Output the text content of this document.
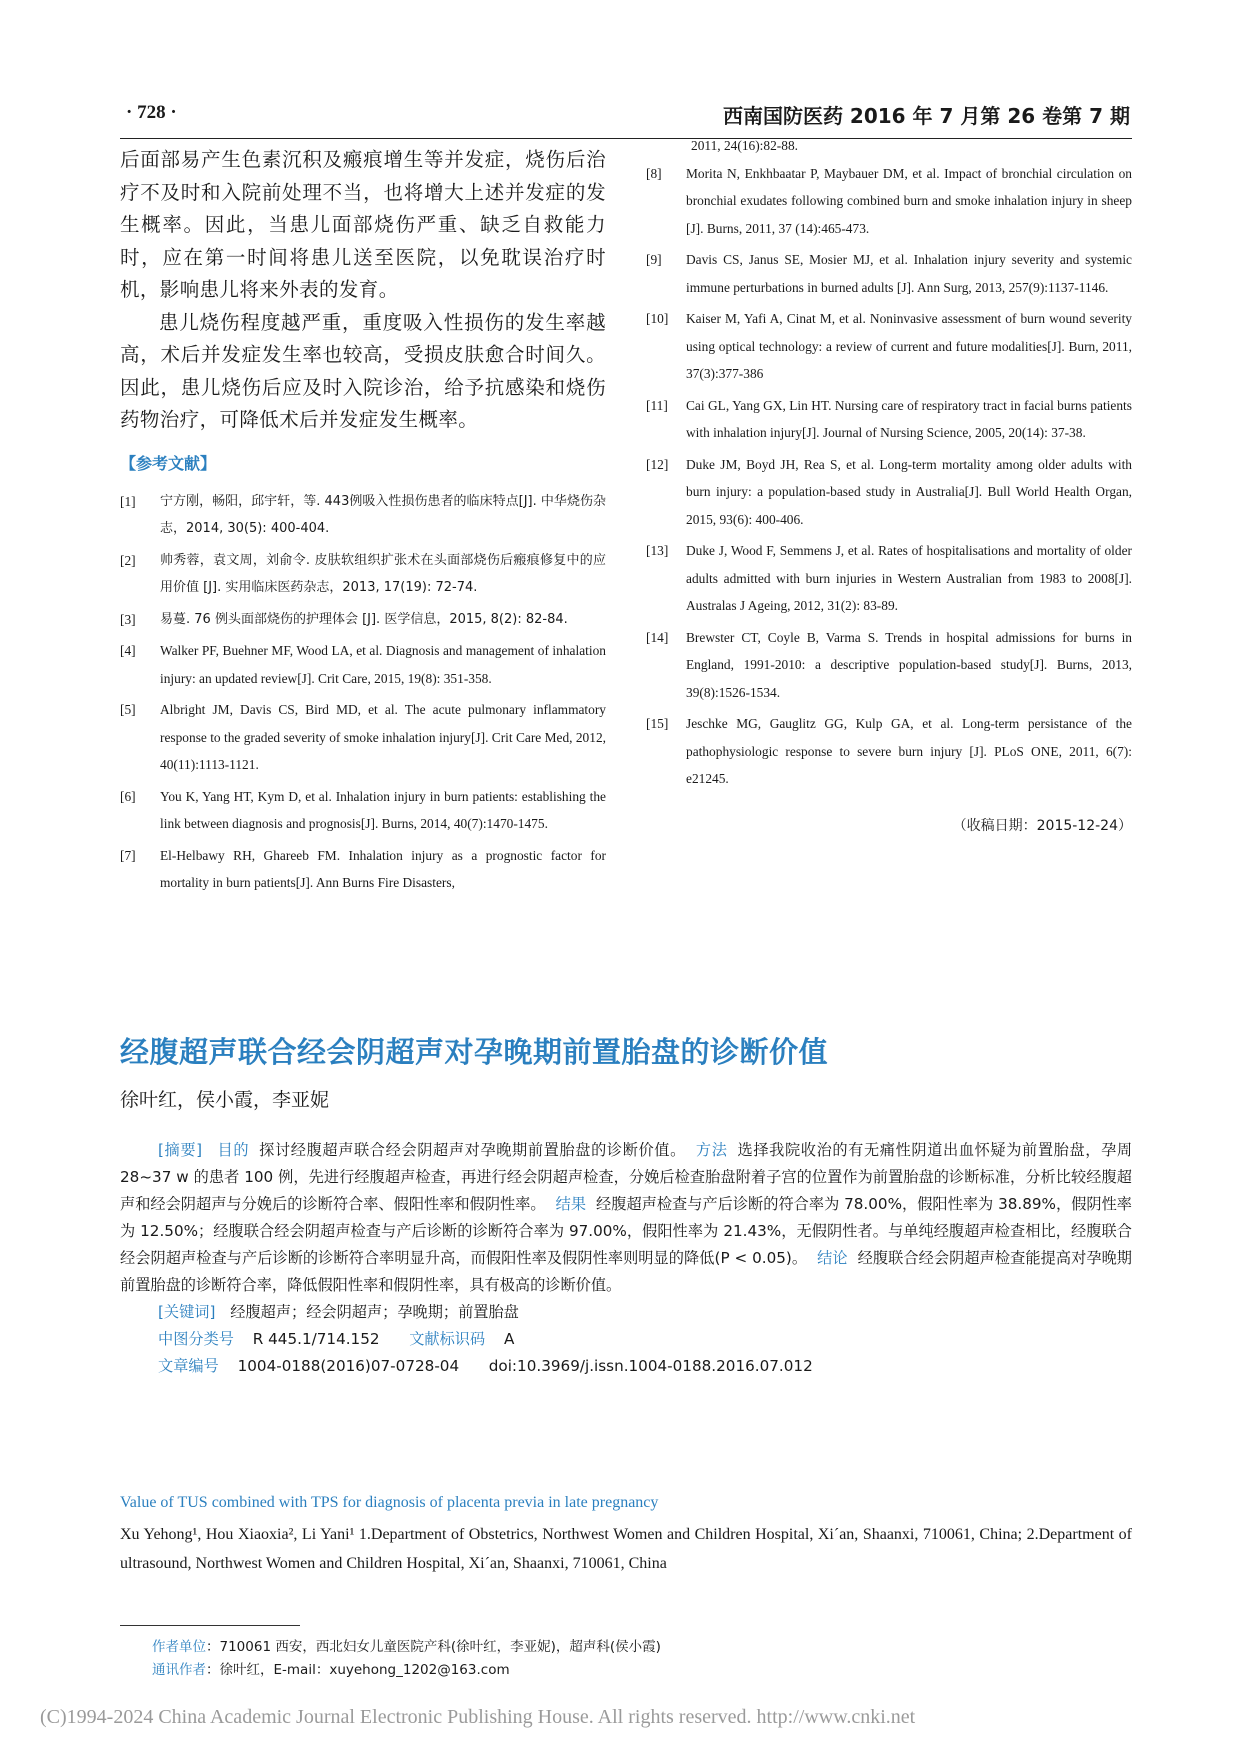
· 728 ·	西南国防医药 2016 年 7 月第 26 卷第 7 期

后面部易产生色素沉积及瘢痕增生等并发症，烧伤后治疗不及时和入院前处理不当，也将增大上述并发症的发生概率。因此，当患儿面部烧伤严重、缺乏自救能力时，应在第一时间将患儿送至医院，以免耽误治疗时机，影响患儿将来外表的发育。

患儿烧伤程度越严重，重度吸入性损伤的发生率越高，术后并发症发生率也较高，受损皮肤愈合时间久。因此，患儿烧伤后应及时入院诊治，给予抗感染和烧伤药物治疗，可降低术后并发症发生概率。

【参考文献】
[1]	宁方刚，畅阳，邱宇轩，等. 443例吸入性损伤患者的临床特点[J]. 中华烧伤杂志，2014, 30(5): 400-404.
[2]	帅秀蓉，袁文周，刘俞令. 皮肤软组织扩张术在头面部烧伤后瘢痕修复中的应用价值 [J]. 实用临床医药杂志，2013, 17(19): 72-74.
[3]	易蔓. 76 例头面部烧伤的护理体会 [J]. 医学信息，2015, 8(2): 82-84.
[4]	Walker PF, Buehner MF, Wood LA, et al. Diagnosis and management of inhalation injury: an updated review[J]. Crit Care, 2015, 19(8): 351-358.
[5]	Albright JM, Davis CS, Bird MD, et al. The acute pulmonary inflammatory response to the graded severity of smoke inhalation injury[J]. Crit Care Med, 2012, 40(11):1113-1121.
[6]	You K, Yang HT, Kym D, et al. Inhalation injury in burn patients: establishing the link between diagnosis and prognosis[J]. Burns, 2014, 40(7):1470-1475.
[7]	El-Helbawy RH, Ghareeb FM. Inhalation injury as a prognostic factor for mortality in burn patients[J]. Ann Burns Fire Disasters,
2011, 24(16):82-88.
[8]	Morita N, Enkhbaatar P, Maybauer DM, et al. Impact of bronchial circulation on bronchial exudates following combined burn and smoke inhalation injury in sheep [J]. Burns, 2011, 37 (14):465-473.
[9]	Davis CS, Janus SE, Mosier MJ, et al. Inhalation injury severity and systemic immune perturbations in burned adults [J]. Ann Surg, 2013, 257(9):1137-1146.
[10]	Kaiser M, Yafi A, Cinat M, et al. Noninvasive assessment of burn wound severity using optical technology: a review of current and future modalities[J]. Burn, 2011, 37(3):377-386
[11]	Cai GL, Yang GX, Lin HT. Nursing care of respiratory tract in facial burns patients with inhalation injury[J]. Journal of Nursing Science, 2005, 20(14): 37-38.
[12]	Duke JM, Boyd JH, Rea S, et al. Long-term mortality among older adults with burn injury: a population-based study in Australia[J]. Bull World Health Organ, 2015, 93(6): 400-406.
[13]	Duke J, Wood F, Semmens J, et al. Rates of hospitalisations and mortality of older adults admitted with burn injuries in Western Australian from 1983 to 2008[J]. Australas J Ageing, 2012, 31(2): 83-89.
[14]	Brewster CT, Coyle B, Varma S. Trends in hospital admissions for burns in England, 1991-2010: a descriptive population-based study[J]. Burns, 2013, 39(8):1526-1534.
[15]	Jeschke MG, Gauglitz GG, Kulp GA, et al. Long-term persistance of the pathophysiologic response to severe burn injury [J]. PLoS ONE, 2011, 6(7): e21245.
（收稿日期：2015-12-24）
经腹超声联合经会阴超声对孕晚期前置胎盘的诊断价值
徐叶红，侯小霞，李亚妮

[摘要] 目的 探讨经腹超声联合经会阴超声对孕晚期前置胎盘的诊断价值。 方法 选择我院收治的有无痛性阴道出血怀疑为前置胎盘，孕周 28~37 w 的患者 100 例，先进行经腹超声检查，再进行经会阴超声检查，分娩后检查胎盘附着子宫的位置作为前置胎盘的诊断标准，分析比较经腹超声和经会阴超声与分娩后的诊断符合率、假阳性率和假阴性率。 结果 经腹超声检查与产后诊断的符合率为 78.00%，假阳性率为 38.89%，假阴性率为 12.50%；经腹联合经会阴超声检查与产后诊断的诊断符合率为 97.00%，假阳性率为 21.43%，无假阴性者。与单纯经腹超声检查相比，经腹联合经会阴超声检查与产后诊断的诊断符合率明显升高，而假阳性率及假阴性率则明显的降低(P < 0.05)。 结论 经腹联合经会阴超声检查能提高对孕晚期前置胎盘的诊断符合率，降低假阳性率和假阴性率，具有极高的诊断价值。

[关键词] 经腹超声；经会阴超声；孕晚期；前置胎盘
中图分类号 R 445.1/714.152 文献标识码 A
文章编号 1004-0188(2016)07-0728-04 doi:10.3969/j.issn.1004-0188.2016.07.012
Value of TUS combined with TPS for diagnosis of placenta previa in late pregnancy
Xu Yehong¹, Hou Xiaoxia², Li Yani¹ 1.Department of Obstetrics, Northwest Women and Children Hospital, Xi´an, Shaanxi, 710061, China; 2.Department of ultrasound, Northwest Women and Children Hospital, Xi´an, Shaanxi, 710061, China
作者单位：710061 西安，西北妇女儿童医院产科(徐叶红，李亚妮)，超声科(侯小霞)
通讯作者：徐叶红，E-mail：xuyehong_1202@163.com
(C)1994-2024 China Academic Journal Electronic Publishing House. All rights reserved. http://www.cnki.net
